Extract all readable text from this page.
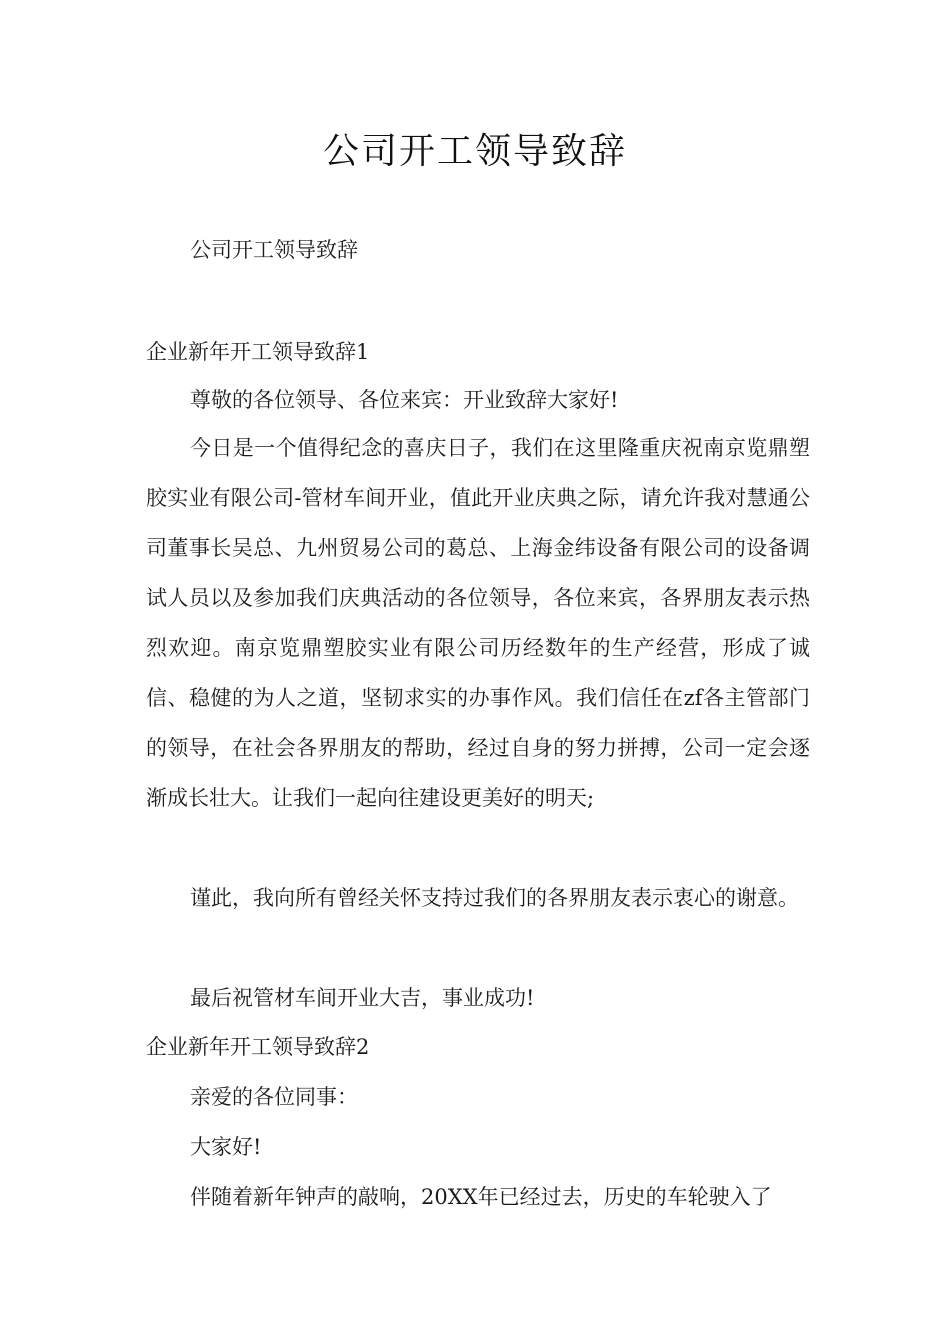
公司开工领导致辞
公司开工领导致辞
企业新年开工领导致辞1
尊敬的各位领导、各位来宾：开业致辞大家好!
今日是一个值得纪念的喜庆日子，我们在这里隆重庆祝南京览鼎塑胶实业有限公司-管材车间开业，值此开业庆典之际，请允许我对慧通公司董事长吴总、九州贸易公司的葛总、上海金纬设备有限公司的设备调试人员以及参加我们庆典活动的各位领导，各位来宾，各界朋友表示热烈欢迎。南京览鼎塑胶实业有限公司历经数年的生产经营，形成了诚信、稳健的为人之道，坚韧求实的办事作风。我们信任在zf各主管部门的领导，在社会各界朋友的帮助，经过自身的努力拼搏，公司一定会逐渐成长壮大。让我们一起向往建设更美好的明天;
谨此，我向所有曾经关怀支持过我们的各界朋友表示衷心的谢意。
最后祝管材车间开业大吉，事业成功!
企业新年开工领导致辞2
亲爱的各位同事：
大家好!
伴随着新年钟声的敲响，20XX年已经过去，历史的车轮驶入了
